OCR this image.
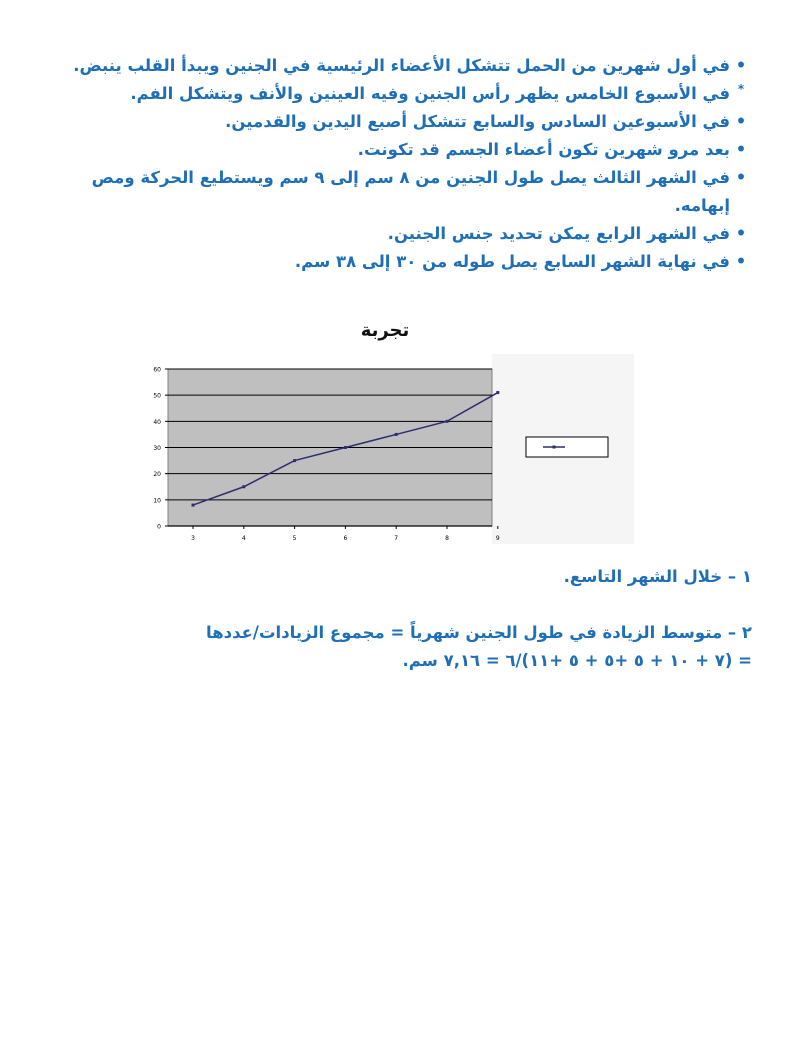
•
في أول شهرين من الحمل تتشكل الأعضاء الرئيسية في الجنين ويبدأ القلب ينبض.
*
في الأسبوع الخامس يظهر رأس الجنين وفيه العينين والأنف ويتشكل الفم.
•
في الأسبوعين السادس والسابع تتشكل أصبع اليدين والقدمين.
•
بعد مرو شهرين تكون أعضاء الجسم قد تكونت.
•
في الشهر الثالث يصل طول الجنين من ٨ سم إلى ٩ سم ويستطيع الحركة ومص إبهامه.
•
في الشهر الرابع يمكن تحديد جنس الجنين.
•
في نهاية الشهر السابع يصل طوله من ٣٠ إلى ٣٨ سم.
تجربة
0
10
20
30
40
50
60
3	4	5	6	7	8	9

١ – خلال الشهر التاسع.

٢ – متوسط الزيادة في طول الجنين شهرياً = مجموع الزيادات/عددها

= (٧ + ١٠ + ٥ +٥ + ٥ +١١)/٦ = ٧,١٦ سم.
